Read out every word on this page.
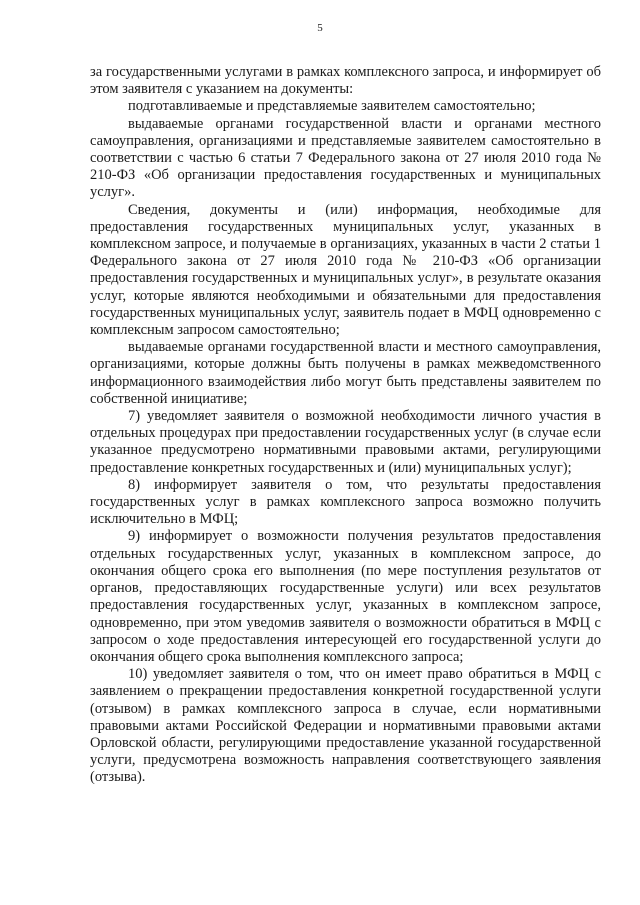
5

за государственными услугами в рамках комплексного запроса, и информирует об этом заявителя с указанием на документы:

подготавливаемые и представляемые заявителем самостоятельно;

выдаваемые органами государственной власти и органами местного самоуправления, организациями и представляемые заявителем самостоятельно в соответствии с частью 6 статьи 7 Федерального закона от 27 июля 2010 года № 210-ФЗ «Об организации предоставления государственных и муниципальных услуг».

Сведения, документы и (или) информация, необходимые для предоставления государственных муниципальных услуг, указанных в комплексном запросе, и получаемые в организациях, указанных в части 2 статьи 1 Федерального закона от 27 июля 2010 года № 210-ФЗ «Об организации предоставления государственных и муниципальных услуг», в результате оказания услуг, которые являются необходимыми и обязательными для предоставления государственных муниципальных услуг, заявитель подает в МФЦ одновременно с комплексным запросом самостоятельно;

выдаваемые органами государственной власти и местного самоуправления, организациями, которые должны быть получены в рамках межведомственного информационного взаимодействия либо могут быть представлены заявителем по собственной инициативе;

7) уведомляет заявителя о возможной необходимости личного участия в отдельных процедурах при предоставлении государственных услуг (в случае если указанное предусмотрено нормативными правовыми актами, регулирующими предоставление конкретных государственных и (или) муниципальных услуг);

8) информирует заявителя о том, что результаты предоставления государственных услуг в рамках комплексного запроса возможно получить исключительно в МФЦ;

9) информирует о возможности получения результатов предоставления отдельных государственных услуг, указанных в комплексном запросе, до окончания общего срока его выполнения (по мере поступления результатов от органов, предоставляющих государственные услуги) или всех результатов предоставления государственных услуг, указанных в комплексном запросе, одновременно, при этом уведомив заявителя о возможности обратиться в МФЦ с запросом о ходе предоставления интересующей его государственной услуги до окончания общего срока выполнения комплексного запроса;

10) уведомляет заявителя о том, что он имеет право обратиться в МФЦ с заявлением о прекращении предоставления конкретной государственной услуги (отзывом) в рамках комплексного запроса в случае, если нормативными правовыми актами Российской Федерации и нормативными правовыми актами Орловской области, регулирующими предоставление указанной государственной услуги, предусмотрена возможность направления соответствующего заявления (отзыва).
